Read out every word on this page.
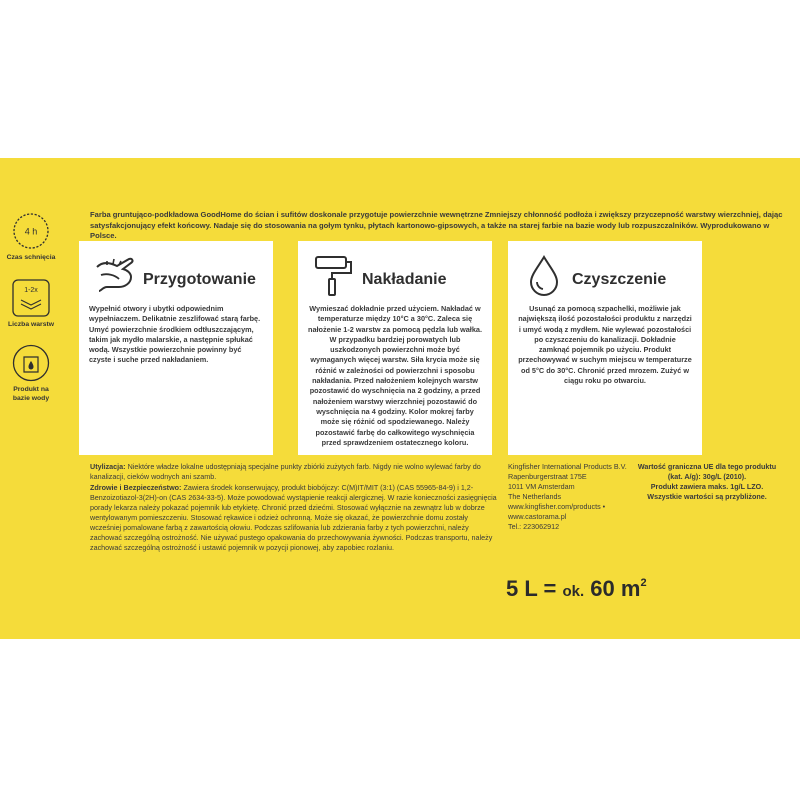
Farba gruntująco-podkładowa GoodHome do ścian i sufitów doskonale przygotuje powierzchnie wewnętrzne Zmniejszy chłonność podłoża i zwiększy przyczepność warstwy wierzchniej, dając satysfakcjonujący efekt końcowy. Nadaje się do stosowania na gołym tynku, płytach kartonowo-gipsowych, a także na starej farbie na bazie wody lub rozpuszczalników. Wyprodukowano w Polsce.
4 h
Czas schnięcia
1-2x
Liczba warstw
Produkt na bazie wody
Przygotowanie
Wypełnić otwory i ubytki odpowiednim wypełniaczem. Delikatnie zeszlifować starą farbę. Umyć powierzchnie środkiem odtłuszczającym, takim jak mydło malarskie, a następnie spłukać wodą. Wszystkie powierzchnie powinny być czyste i suche przed nakładaniem.
Nakładanie
Wymieszać dokładnie przed użyciem. Nakładać w temperaturze między 10°C a 30°C. Zaleca się nałożenie 1-2 warstw za pomocą pędzla lub wałka. W przypadku bardziej porowatych lub uszkodzonych powierzchni może być wymaganych więcej warstw. Siła krycia może się różnić w zależności od powierzchni i sposobu nakładania. Przed nałożeniem kolejnych warstw pozostawić do wyschnięcia na 2 godziny, a przed nałożeniem warstwy wierzchniej pozostawić do wyschnięcia na 4 godziny. Kolor mokrej farby może się różnić od spodziewanego. Należy pozostawić farbę do całkowitego wyschnięcia przed sprawdzeniem ostatecznego koloru.
Czyszczenie
Usunąć za pomocą szpachelki, możliwie jak największą ilość pozostałości produktu z narzędzi i umyć wodą z mydłem. Nie wylewać pozostałości po czyszczeniu do kanalizacji. Dokładnie zamknąć pojemnik po użyciu. Produkt przechowywać w suchym miejscu w temperaturze od 5°C do 30°C. Chronić przed mrozem. Zużyć w ciągu roku po otwarciu.
Utylizacja: Niektóre władze lokalne udostępniają specjalne punkty zbiórki zużytych farb. Nigdy nie wolno wylewać farby do kanalizacji, cieków wodnych ani szamb.
Zdrowie i Bezpieczeństwo: Zawiera środek konserwujący, produkt biobójczy: C(M)IT/MIT (3:1) (CAS 55965-84-9) i 1,2-Benzoizotiazol-3(2H)-on (CAS 2634-33-5). Może powodować wystąpienie reakcji alergicznej. W razie konieczności zasięgnięcia porady lekarza należy pokazać pojemnik lub etykietę. Chronić przed dziećmi. Stosować wyłącznie na zewnątrz lub w dobrze wentylowanym pomieszczeniu. Stosować rękawice i odzież ochronną. Może się okazać, że powierzchnie domu zostały wcześniej pomalowane farbą z zawartością ołowiu. Podczas szlifowania lub zdzierania farby z tych powierzchni, należy zachować szczególną ostrożność. Nie używać pustego opakowania do przechowywania żywności. Podczas transportu, należy zachować szczególną ostrożność i ustawić pojemnik w pozycji pionowej, aby zapobiec rozlaniu.
Kingfisher International Products B.V.
Rapenburgerstraat 175E
1011 VM Amsterdam
The Netherlands
www.kingfisher.com/products •
www.castorama.pl
Tel.: 223062912
Wartość graniczna UE dla tego produktu
(kat. A/g): 30g/L (2010).
Produkt zawiera maks. 1g/L LZO.
Wszystkie wartości są przybliżone.
5 L = ok. 60 $m^2$
